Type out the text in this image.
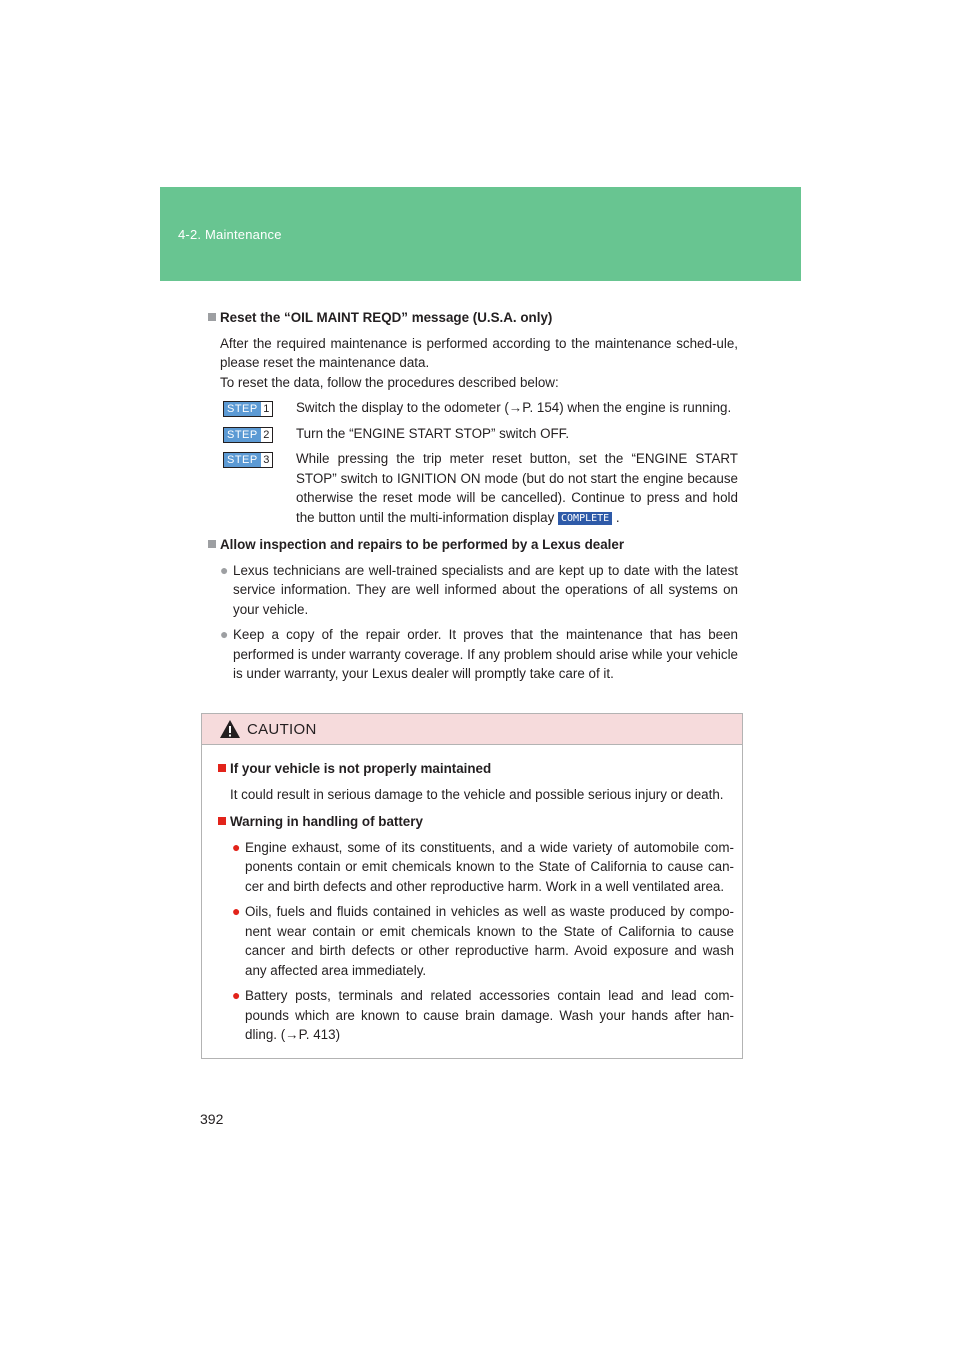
4-2. Maintenance
Reset the “OIL MAINT REQD” message (U.S.A. only)
After the required maintenance is performed according to the maintenance sched-ule, please reset the maintenance data.
To reset the data, follow the procedures described below:
STEP 1 Switch the display to the odometer (→P. 154) when the engine is running.
STEP 2 Turn the “ENGINE START STOP” switch OFF.
STEP 3 While pressing the trip meter reset button, set the “ENGINE START STOP” switch to IGNITION ON mode (but do not start the engine because otherwise the reset mode will be cancelled). Continue to press and hold the button until the multi-information display COMPLETE .
Allow inspection and repairs to be performed by a Lexus dealer
● Lexus technicians are well-trained specialists and are kept up to date with the latest service information. They are well informed about the operations of all systems on your vehicle.
● Keep a copy of the repair order. It proves that the maintenance that has been performed is under warranty coverage. If any problem should arise while your vehicle is under warranty, your Lexus dealer will promptly take care of it.
CAUTION
If your vehicle is not properly maintained
It could result in serious damage to the vehicle and possible serious injury or death.
Warning in handling of battery
● Engine exhaust, some of its constituents, and a wide variety of automobile com-ponents contain or emit chemicals known to the State of California to cause can-cer and birth defects and other reproductive harm. Work in a well ventilated area.
● Oils, fuels and fluids contained in vehicles as well as waste produced by compo-nent wear contain or emit chemicals known to the State of California to cause cancer and birth defects or other reproductive harm. Avoid exposure and wash any affected area immediately.
● Battery posts, terminals and related accessories contain lead and lead com-pounds which are known to cause brain damage. Wash your hands after han-dling. (→P. 413)
392
